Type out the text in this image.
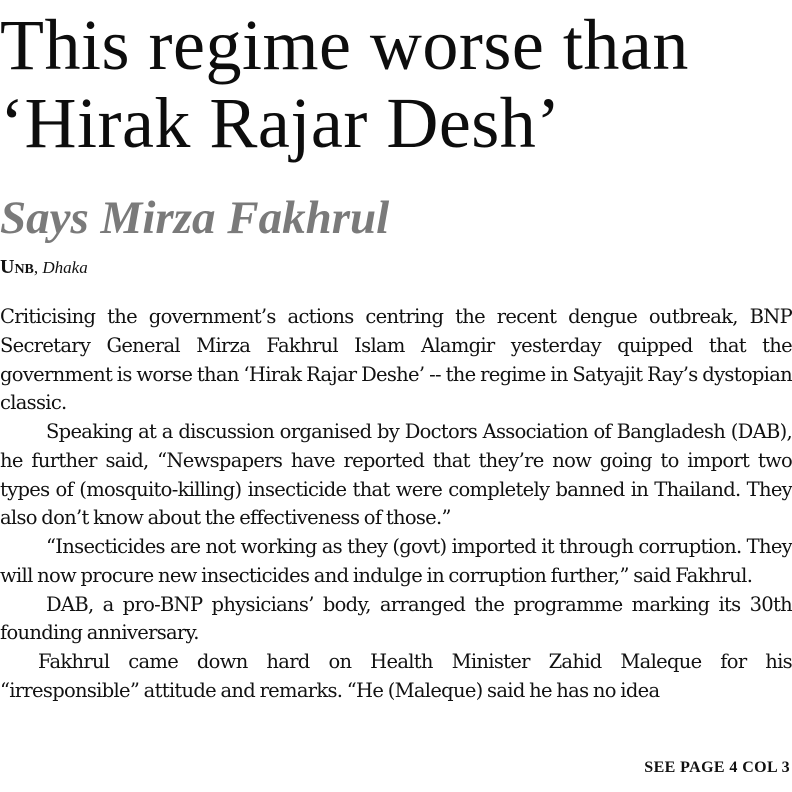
This regime worse than
‘Hirak Rajar Desh’
Says Mirza Fakhrul
Unb, Dhaka

Criticising the government’s actions centring the recent dengue outbreak, BNP Secretary General Mirza Fakhrul Islam Alamgir yesterday quipped that the government is worse than ‘Hirak Rajar Deshe’ -- the regime in Satyajit Ray’s dystopian classic.

Speaking at a discussion organised by Doctors Association of Bangladesh (DAB), he further said, “Newspapers have reported that they’re now going to import two types of (mosquito-killing) insecticide that were completely banned in Thailand. They also don’t know about the effectiveness of those.”

“Insecticides are not working as they (govt) imported it through corruption. They will now procure new insecticides and indulge in corruption further,” said Fakhrul.

DAB, a pro-BNP physicians’ body, arranged the programme marking its 30th founding anniversary.

Fakhrul came down hard on Health Minister Zahid Maleque for his “irresponsible” attitude and remarks. “He (Maleque) said he has no idea

SEE PAGE 4 COL 3
